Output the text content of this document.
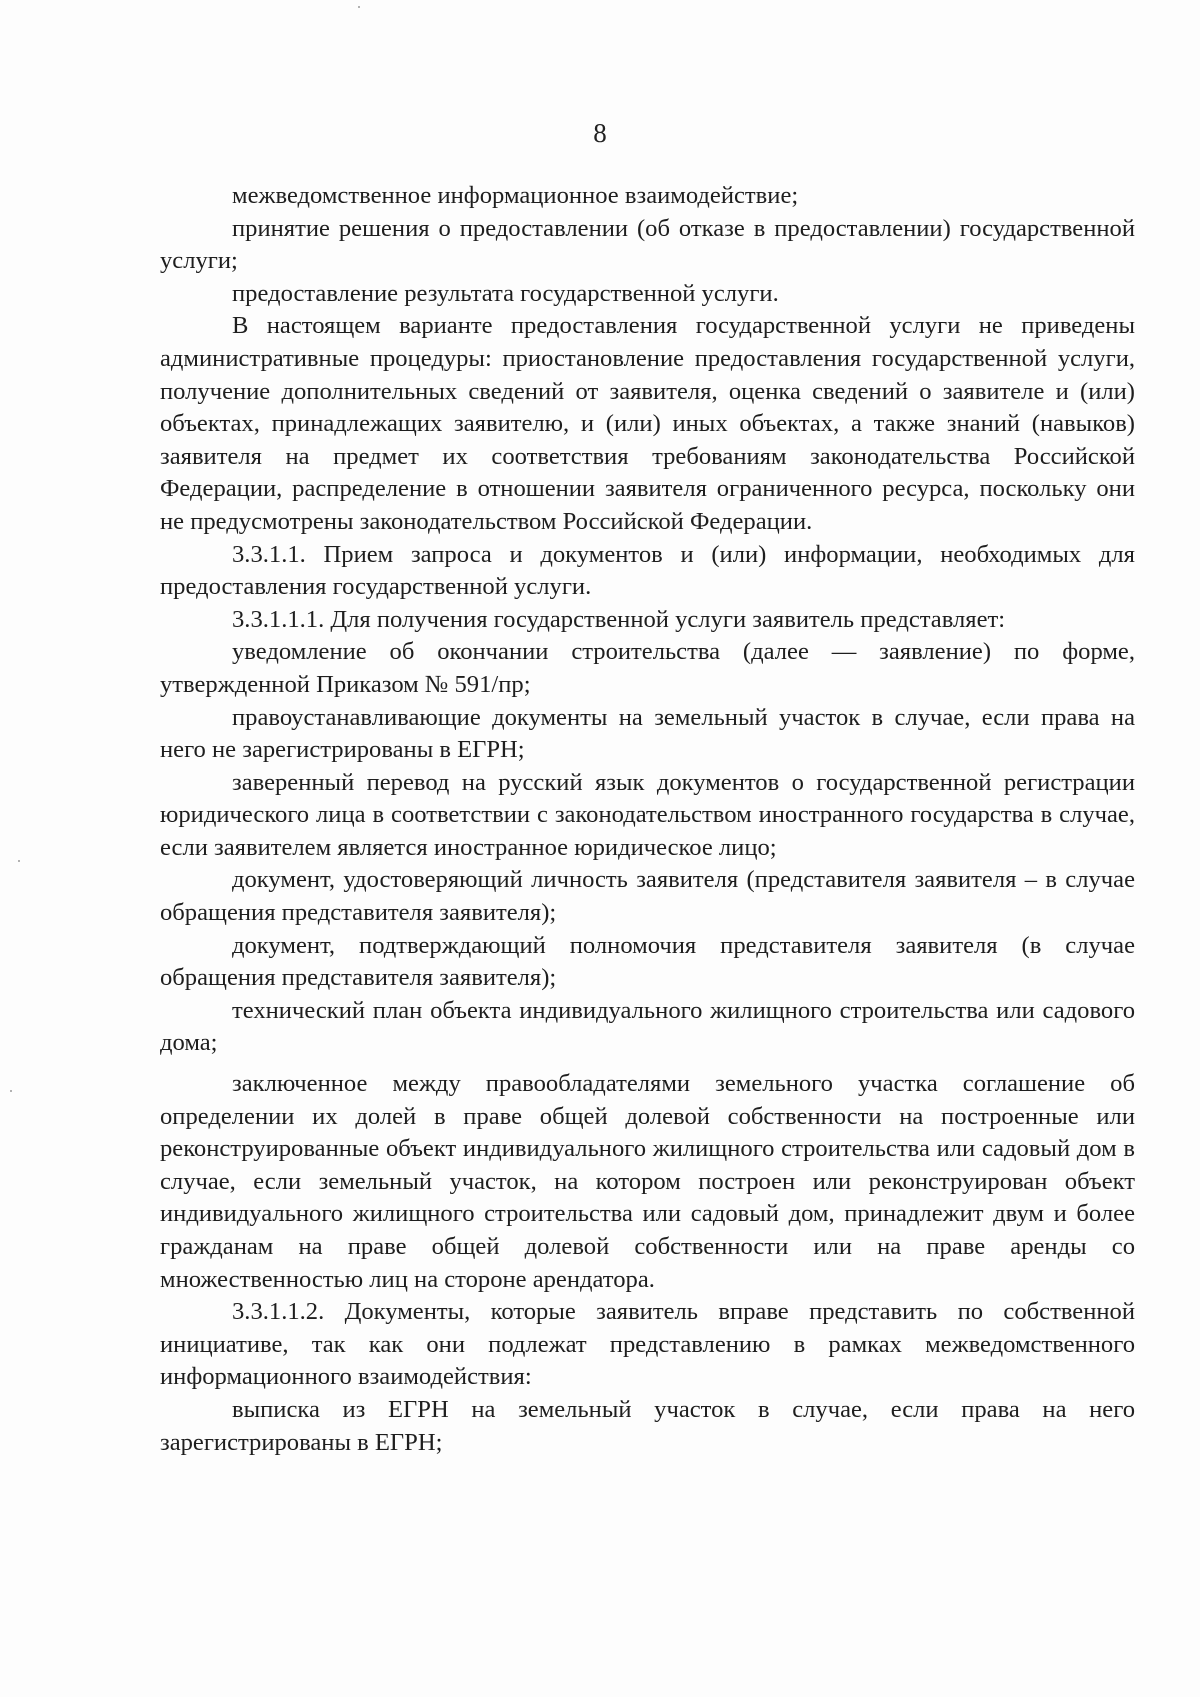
8

межведомственное информационное взаимодействие;

принятие решения о предоставлении (об отказе в предоставлении) государственной услуги;

предоставление результата государственной услуги.

В настоящем варианте предоставления государственной услуги не приведены административные процедуры: приостановление предоставления государственной услуги, получение дополнительных сведений от заявителя, оценка сведений о заявителе и (или) объектах, принадлежащих заявителю, и (или) иных объектах, а также знаний (навыков) заявителя на предмет их соответствия требованиям законодательства Российской Федерации, распределение в отношении заявителя ограниченного ресурса, поскольку они не предусмотрены законодательством Российской Федерации.

3.3.1.1. Прием запроса и документов и (или) информации, необходимых для предоставления государственной услуги.

3.3.1.1.1. Для получения государственной услуги заявитель представляет:

уведомление об окончании строительства (далее — заявление) по форме, утвержденной Приказом № 591/пр;

правоустанавливающие документы на земельный участок в случае, если права на него не зарегистрированы в ЕГРН;

заверенный перевод на русский язык документов о государственной регистрации юридического лица в соответствии с законодательством иностранного государства в случае, если заявителем является иностранное юридическое лицо;

документ, удостоверяющий личность заявителя (представителя заявителя – в случае обращения представителя заявителя);

документ, подтверждающий полномочия представителя заявителя (в случае обращения представителя заявителя);

технический план объекта индивидуального жилищного строительства или садового дома;

заключенное между правообладателями земельного участка соглашение об определении их долей в праве общей долевой собственности на построенные или реконструированные объект индивидуального жилищного строительства или садовый дом в случае, если земельный участок, на котором построен или реконструирован объект индивидуального жилищного строительства или садовый дом, принадлежит двум и более гражданам на праве общей долевой собственности или на праве аренды со множественностью лиц на стороне арендатора.

3.3.1.1.2. Документы, которые заявитель вправе представить по собственной инициативе, так как они подлежат представлению в рамках межведомственного информационного взаимодействия:

выписка из ЕГРН на земельный участок в случае, если права на него зарегистрированы в ЕГРН;
